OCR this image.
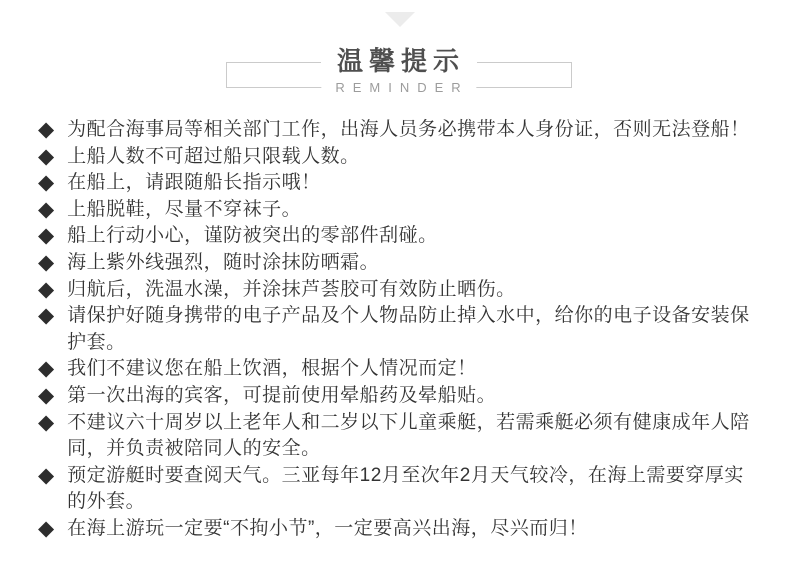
温馨提示
REMINDER
◆ 为配合海事局等相关部门工作，出海人员务必携带本人身份证，否则无法登船！
◆ 上船人数不可超过船只限载人数。
◆ 在船上，请跟随船长指示哦！
◆ 上船脱鞋，尽量不穿袜子。
◆ 船上行动小心，谨防被突出的零部件刮碰。
◆ 海上紫外线强烈，随时涂抹防晒霜。
◆ 归航后，洗温水澡，并涂抹芦荟胶可有效防止晒伤。
◆ 请保护好随身携带的电子产品及个人物品防止掉入水中，给你的电子设备安装保
护套。
◆ 我们不建议您在船上饮酒，根据个人情况而定！
◆ 第一次出海的宾客，可提前使用晕船药及晕船贴。
◆ 不建议六十周岁以上老年人和二岁以下儿童乘艇，若需乘艇必须有健康成年人陪
同，并负责被陪同人的安全。
◆ 预定游艇时要查阅天气。三亚每年12月至次年2月天气较冷，在海上需要穿厚实
的外套。
◆ 在海上游玩一定要“不拘小节”，一定要高兴出海，尽兴而归！
